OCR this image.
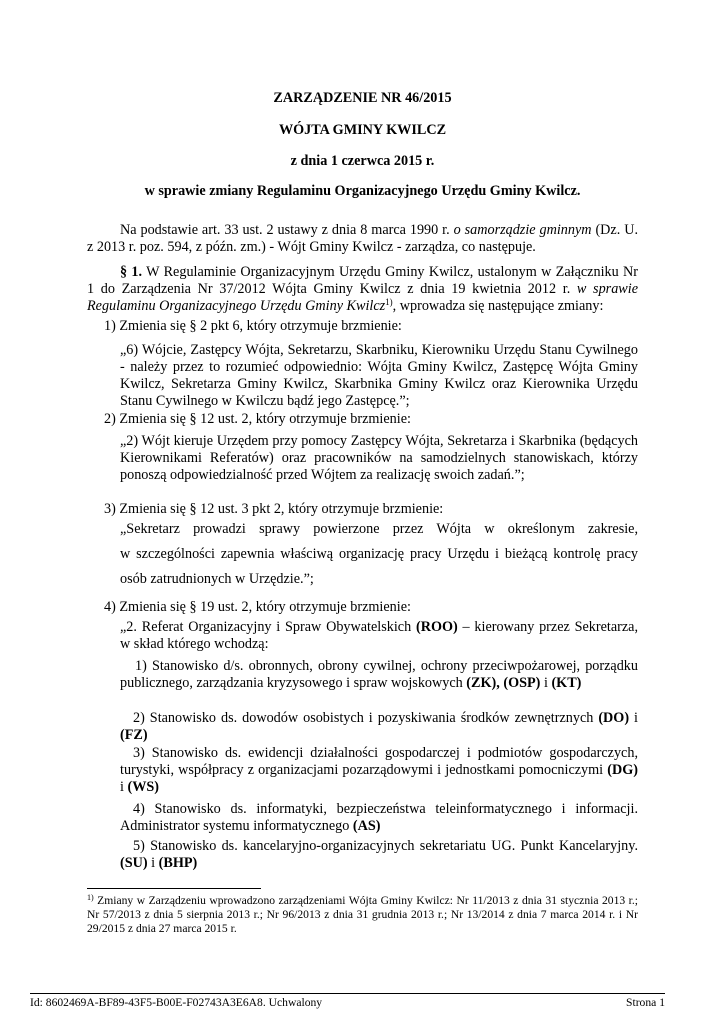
ZARZĄDZENIE NR 46/2015
WÓJTA GMINY KWILCZ
z dnia 1 czerwca 2015 r.
w sprawie zmiany Regulaminu Organizacyjnego Urzędu Gminy Kwilcz.
Na podstawie art. 33 ust. 2 ustawy z dnia 8 marca 1990 r. o samorządzie gminnym (Dz. U. z 2013 r. poz. 594, z późn. zm.) - Wójt Gminy Kwilcz - zarządza, co następuje.
§ 1. W Regulaminie Organizacyjnym Urzędu Gminy Kwilcz, ustalonym w Załączniku Nr 1 do Zarządzenia Nr 37/2012 Wójta Gminy Kwilcz z dnia 19 kwietnia 2012 r. w sprawie Regulaminu Organizacyjnego Urzędu Gminy Kwilcz$^{1)}$, wprowadza się następujące zmiany:
1) Zmienia się § 2 pkt 6, który otrzymuje brzmienie:
„6) Wójcie, Zastępcy Wójta, Sekretarzu, Skarbniku, Kierowniku Urzędu Stanu Cywilnego - należy przez to rozumieć odpowiednio: Wójta Gminy Kwilcz, Zastępcę Wójta Gminy Kwilcz, Sekretarza Gminy Kwilcz, Skarbnika Gminy Kwilcz oraz Kierownika Urzędu Stanu Cywilnego w Kwilczu bądź jego Zastępcę.”;
2) Zmienia się § 12 ust. 2, który otrzymuje brzmienie:
„2) Wójt kieruje Urzędem przy pomocy Zastępcy Wójta, Sekretarza i Skarbnika (będących Kierownikami Referatów) oraz pracowników na samodzielnych stanowiskach, którzy ponoszą odpowiedzialność przed Wójtem za realizację swoich zadań.”;
3) Zmienia się § 12 ust. 3 pkt 2, który otrzymuje brzmienie:
„Sekretarz prowadzi sprawy powierzone przez Wójta w określonym zakresie,
w szczególności zapewnia właściwą organizację pracy Urzędu i bieżącą kontrolę pracy
osób zatrudnionych w Urzędzie.”;
4) Zmienia się § 19 ust. 2, który otrzymuje brzmienie:
„2. Referat Organizacyjny i Spraw Obywatelskich (ROO) – kierowany przez Sekretarza, w skład którego wchodzą:
1) Stanowisko d/s. obronnych, obrony cywilnej, ochrony przeciwpożarowej, porządku publicznego, zarządzania kryzysowego i spraw wojskowych (ZK), (OSP) i (KT)
2) Stanowisko ds. dowodów osobistych i pozyskiwania środków zewnętrznych (DO) i (FZ)
3) Stanowisko ds. ewidencji działalności gospodarczej i podmiotów gospodarczych, turystyki, współpracy z organizacjami pozarządowymi i jednostkami pomocniczymi (DG) i (WS)
4) Stanowisko ds. informatyki, bezpieczeństwa teleinformatycznego i informacji. Administrator systemu informatycznego (AS)
5) Stanowisko ds. kancelaryjno-organizacyjnych sekretariatu UG. Punkt Kancelaryjny. (SU) i (BHP)
$^{1)}$ Zmiany w Zarządzeniu wprowadzono zarządzeniami Wójta Gminy Kwilcz: Nr 11/2013 z dnia 31 stycznia 2013 r.; Nr 57/2013 z dnia 5 sierpnia 2013 r.; Nr 96/2013 z dnia 31 grudnia 2013 r.; Nr 13/2014 z dnia 7 marca 2014 r. i Nr 29/2015 z dnia 27 marca 2015 r.
Id: 8602469A-BF89-43F5-B00E-F02743A3E6A8. Uchwalony	Strona 1
